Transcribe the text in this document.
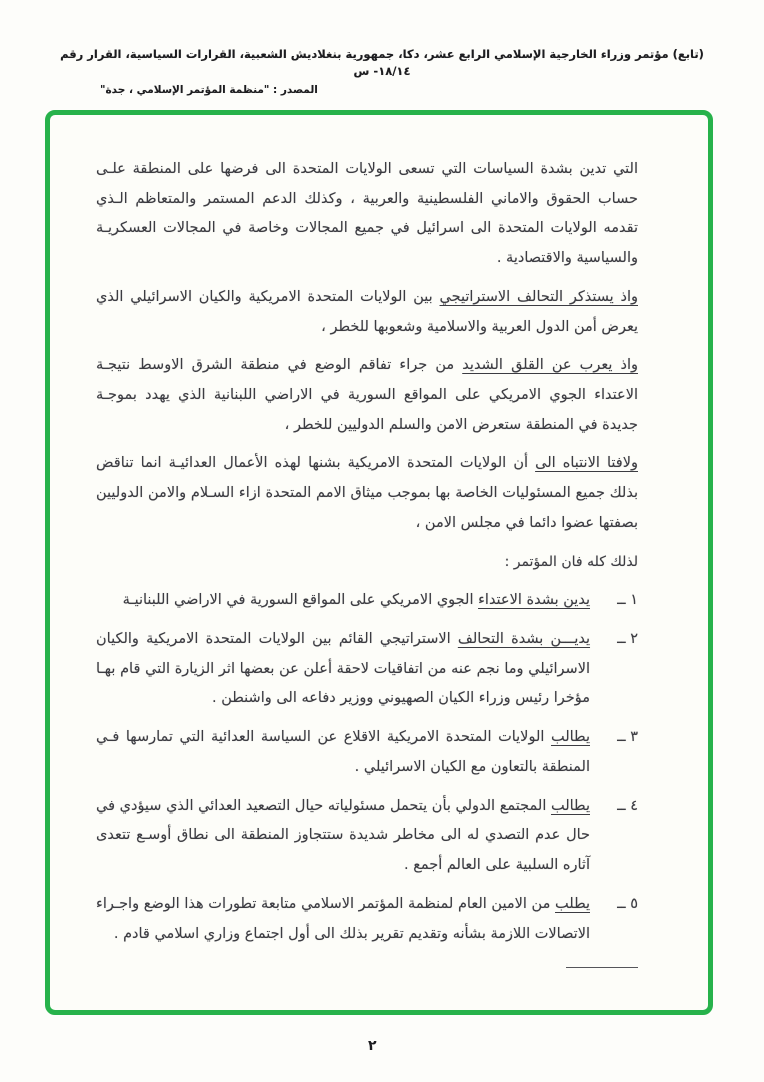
(تابع) مؤتمر وزراء الخارجية الإسلامي الرابع عشر، دكا، جمهورية بنغلاديش الشعبية، القرارات السياسية، القرار رقم ١٨/١٤- س
المصدر : "منظمة المؤتمر الإسلامي ، جدة"
التي تدين بشدة السياسات التي تسعى الولايات المتحدة الى فرضها على المنطقة علـى حساب الحقوق والاماني الفلسطينية والعربية ، وكذلك الدعم المستمر والمتعاظم الـذي تقدمه الولايات المتحدة الى اسرائيل في جميع المجالات وخاصة في المجالات العسكريـة والسياسية والاقتصادية .
واذ يستذكر التحالف الاستراتيجي بين الولايات المتحدة الامريكية والكيان الاسرائيلي الذي يعرض أمن الدول العربية والاسلامية وشعوبها للخطر ،
واذ يعرب عن القلق الشديد من جراء تفاقم الوضع في منطقة الشرق الاوسط نتيجـة الاعتداء الجوي الامريكي على المواقع السورية في الاراضي اللبنانية الذي يهدد بموجـة جديدة في المنطقة ستعرض الامن والسلم الدوليين للخطر ،
ولافتا الانتباه الى أن الولايات المتحدة الامريكية بشنها لهذه الأعمال العدائيـة انما تناقض بذلك جميع المسئوليات الخاصة بها بموجب ميثاق الامم المتحدة ازاء السـلام والامن الدوليين بصفتها عضوا دائما في مجلس الامن ،
لذلك كله فان المؤتمر :
١ ــ
يدين بشدة الاعتداء الجوي الامريكي على المواقع السورية في الاراضي اللبنانيـة
٢ ــ
يديـــن بشدة التحالف الاستراتيجي القائم بين الولايات المتحدة الامريكية والكيان الاسرائيلي وما نجم عنه من اتفاقيات لاحقة أعلن عن بعضها اثر الزيارة التي قام بهـا مؤخرا رئيس وزراء الكيان الصهيوني ووزير دفاعه الى واشنطن .
٣ ــ
يطالب الولايات المتحدة الامريكية الاقلاع عن السياسة العدائية التي تمارسها فـي المنطقة بالتعاون مع الكيان الاسرائيلي .
٤ ــ
يطالب المجتمع الدولي بأن يتحمل مسئولياته حيال التصعيد العدائي الذي سيؤدي في حال عدم التصدي له الى مخاطر شديدة ستتجاوز المنطقة الى نطاق أوسـع تتعدى آثاره السلبية على العالم أجمع .
٥ ــ
يطلب من الامين العام لمنظمة المؤتمر الاسلامي متابعة تطورات هذا الوضع واجـراء الاتصالات اللازمة بشأنه وتقديم تقرير بذلك الى أول اجتماع وزاري اسلامي قادم .
٢
